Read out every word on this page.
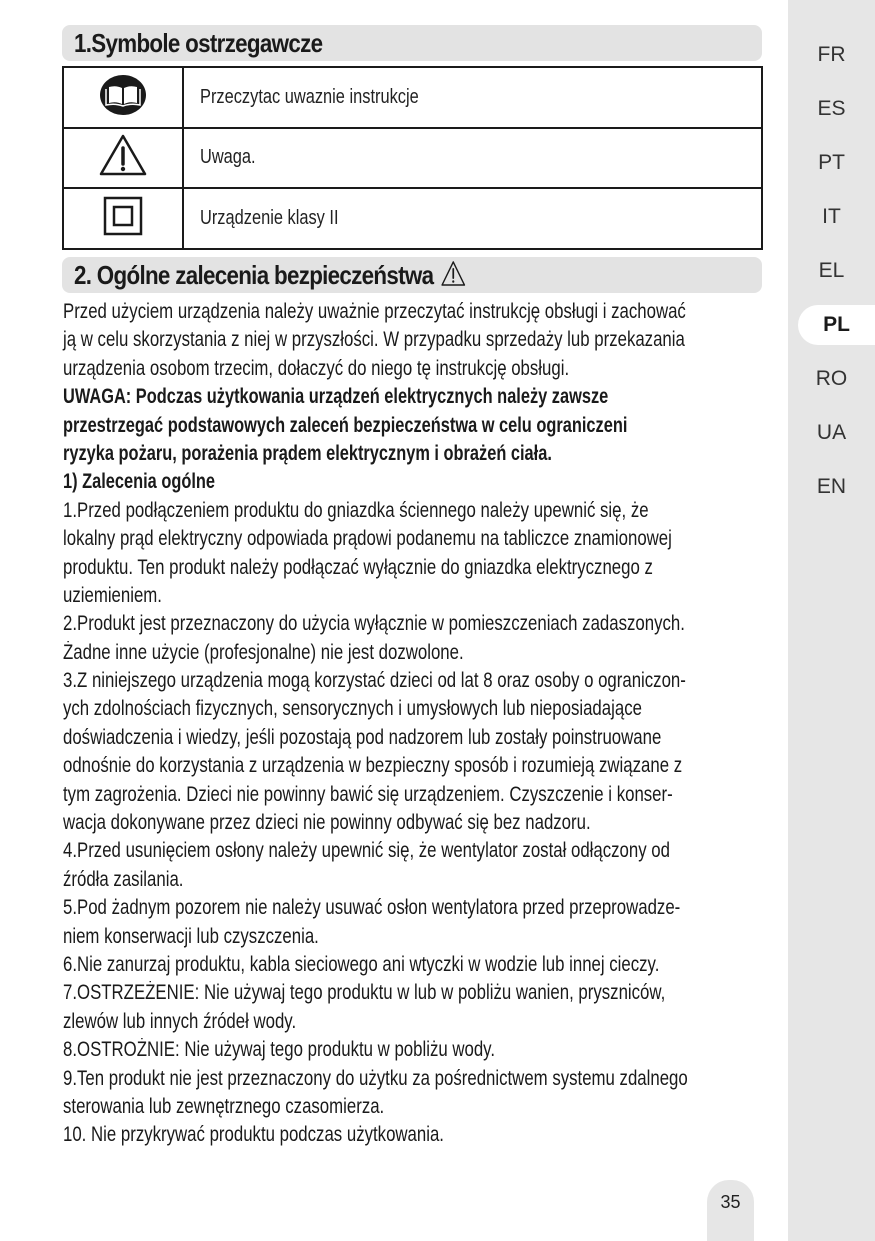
FR
ES
PT
IT
EL
PL
RO
UA
EN
1.Symbole ostrzegawcze
	Przeczytac uwaznie instrukcje
	Uwaga.
	Urządzenie klasy II
2. Ogólne zalecenia bezpieczeństwa
Przed użyciem urządzenia należy uważnie przeczytać instrukcję obsługi i zachować
ją w celu skorzystania z niej w przyszłości. W przypadku sprzedaży lub przekazania
urządzenia osobom trzecim, dołaczyć do niego tę instrukcję obsługi.
UWAGA: Podczas użytkowania urządzeń elektrycznych należy zawsze
przestrzegać podstawowych zaleceń bezpieczeństwa w celu ograniczeni
ryzyka pożaru, porażenia prądem elektrycznym i obrażeń ciała.
1) Zalecenia ogólne
1.Przed podłączeniem produktu do gniazdka ściennego należy upewnić się, że
lokalny prąd elektryczny odpowiada prądowi podanemu na tabliczce znamionowej
produktu. Ten produkt należy podłączać wyłącznie do gniazdka elektrycznego z
uziemieniem.
2.Produkt jest przeznaczony do użycia wyłącznie w pomieszczeniach zadaszonych.
Żadne inne użycie (profesjonalne) nie jest dozwolone.
3.Z niniejszego urządzenia mogą korzystać dzieci od lat 8 oraz osoby o ograniczon-
ych zdolnościach fizycznych, sensorycznych i umysłowych lub nieposiadające
doświadczenia i wiedzy, jeśli pozostają pod nadzorem lub zostały poinstruowane
odnośnie do korzystania z urządzenia w bezpieczny sposób i rozumieją związane z
tym zagrożenia. Dzieci nie powinny bawić się urządzeniem. Czyszczenie i konser-
wacja dokonywane przez dzieci nie powinny odbywać się bez nadzoru.
4.Przed usunięciem osłony należy upewnić się, że wentylator został odłączony od
źródła zasilania.
5.Pod żadnym pozorem nie należy usuwać osłon wentylatora przed przeprowadze-
niem konserwacji lub czyszczenia.
6.Nie zanurzaj produktu, kabla sieciowego ani wtyczki w wodzie lub innej cieczy.
7.OSTRZEŻENIE: Nie używaj tego produktu w lub w pobliżu wanien, pryszniców,
zlewów lub innych źródeł wody.
8.OSTROŻNIE: Nie używaj tego produktu w pobliżu wody.
9.Ten produkt nie jest przeznaczony do użytku za pośrednictwem systemu zdalnego
sterowania lub zewnętrznego czasomierza.
10. Nie przykrywać produktu podczas użytkowania.
35
